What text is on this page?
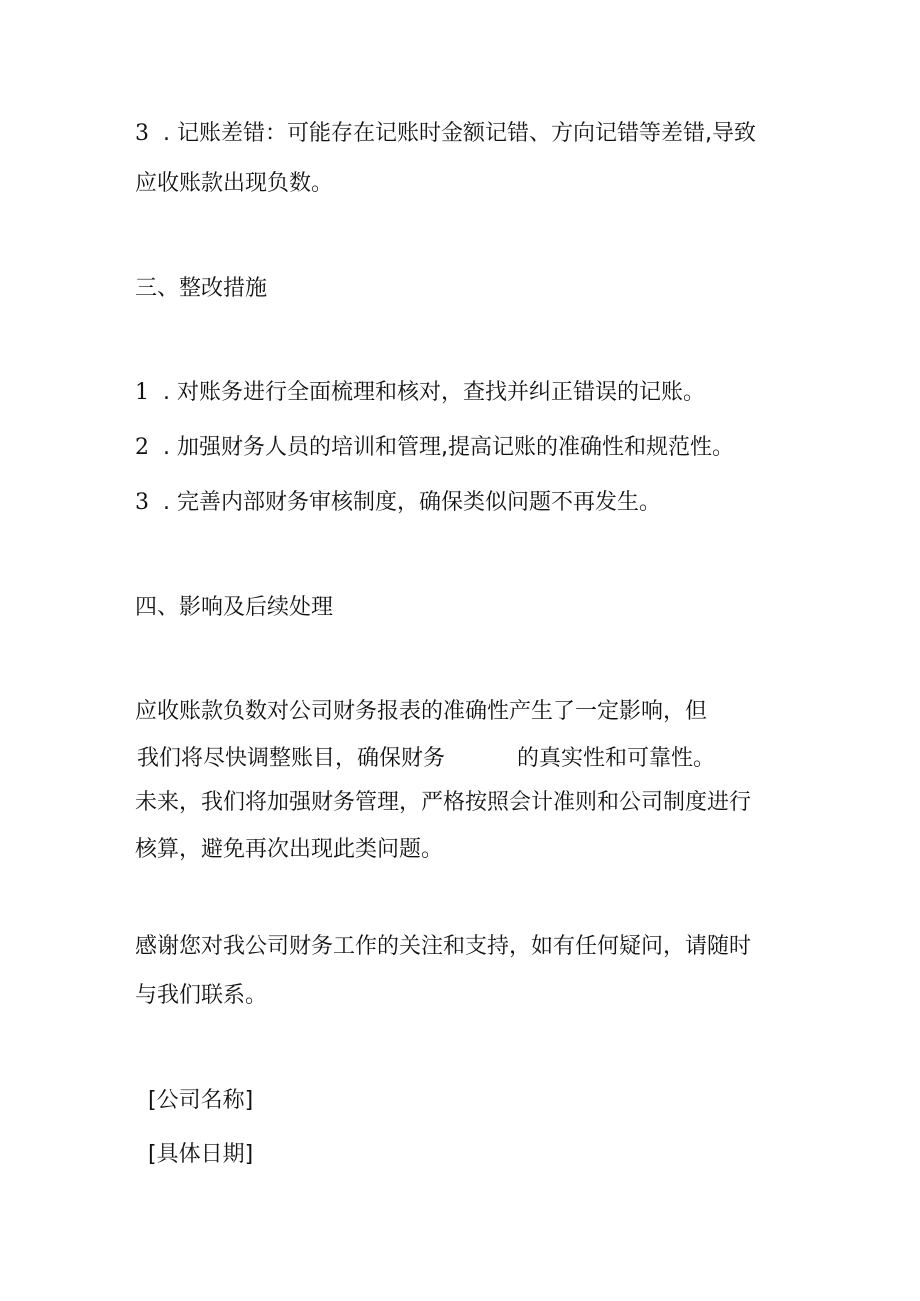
3 . 记账差错：可能存在记账时金额记错、方向记错等差错,导致
应收账款出现负数。
三、整改措施
1 . 对账务进行全面梳理和核对，查找并纠正错误的记账。
2 . 加强财务人员的培训和管理,提高记账的准确性和规范性。
3 . 完善内部财务审核制度，确保类似问题不再发生。
四、影响及后续处理
应收账款负数对公司财务报表的准确性产生了一定影响，但
我们将尽快调整账目，确保财务	的真实性和可靠性。
未来，我们将加强财务管理，严格按照会计准则和公司制度进行
核算，避免再次出现此类问题。
感谢您对我公司财务工作的关注和支持，如有任何疑问，请随时
与我们联系。
[公司名称]
[具体日期]
